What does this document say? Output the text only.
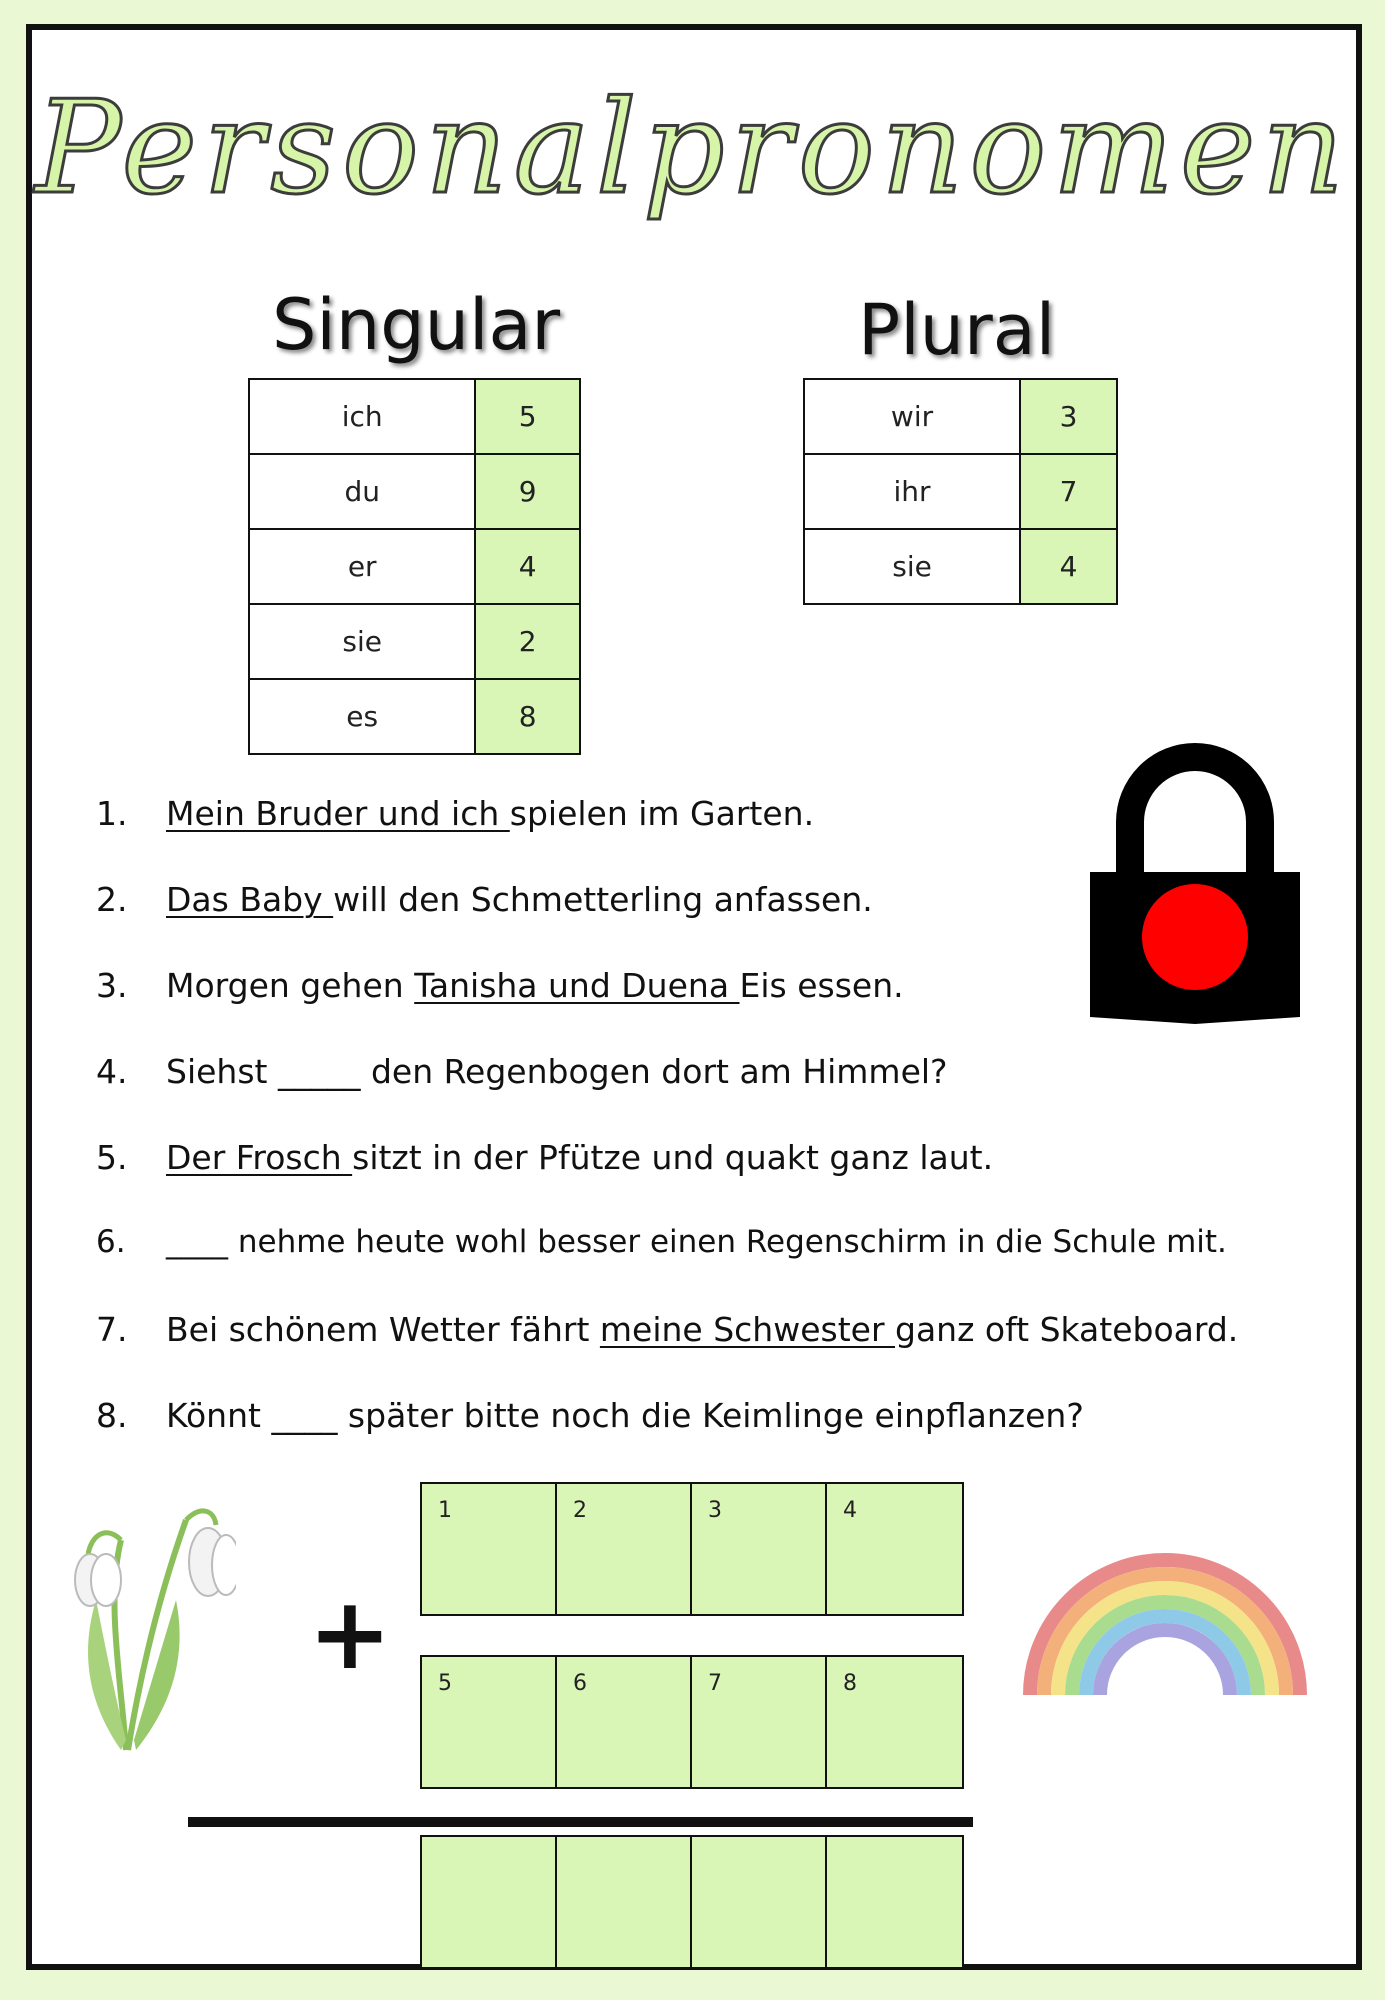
Personalpronomen
Singular	Plural
ich	5
du	9
er	4
sie	2
es	8
wir	3
ihr	7
sie	4
1. Mein Bruder und ich spielen im Garten.
2. Das Baby will den Schmetterling anfassen.
3. Morgen gehen Tanisha und Duena Eis essen.
4. Siehst _____ den Regenbogen dort am Himmel?
5. Der Frosch sitzt in der Pfütze und quakt ganz laut.
6. ____ nehme heute wohl besser einen Regenschirm in die Schule mit.
7. Bei schönem Wetter fährt meine Schwester ganz oft Skateboard.
8. Könnt ____ später bitte noch die Keimlinge einpflanzen?
+
1	2	3	4
5	6	7	8
